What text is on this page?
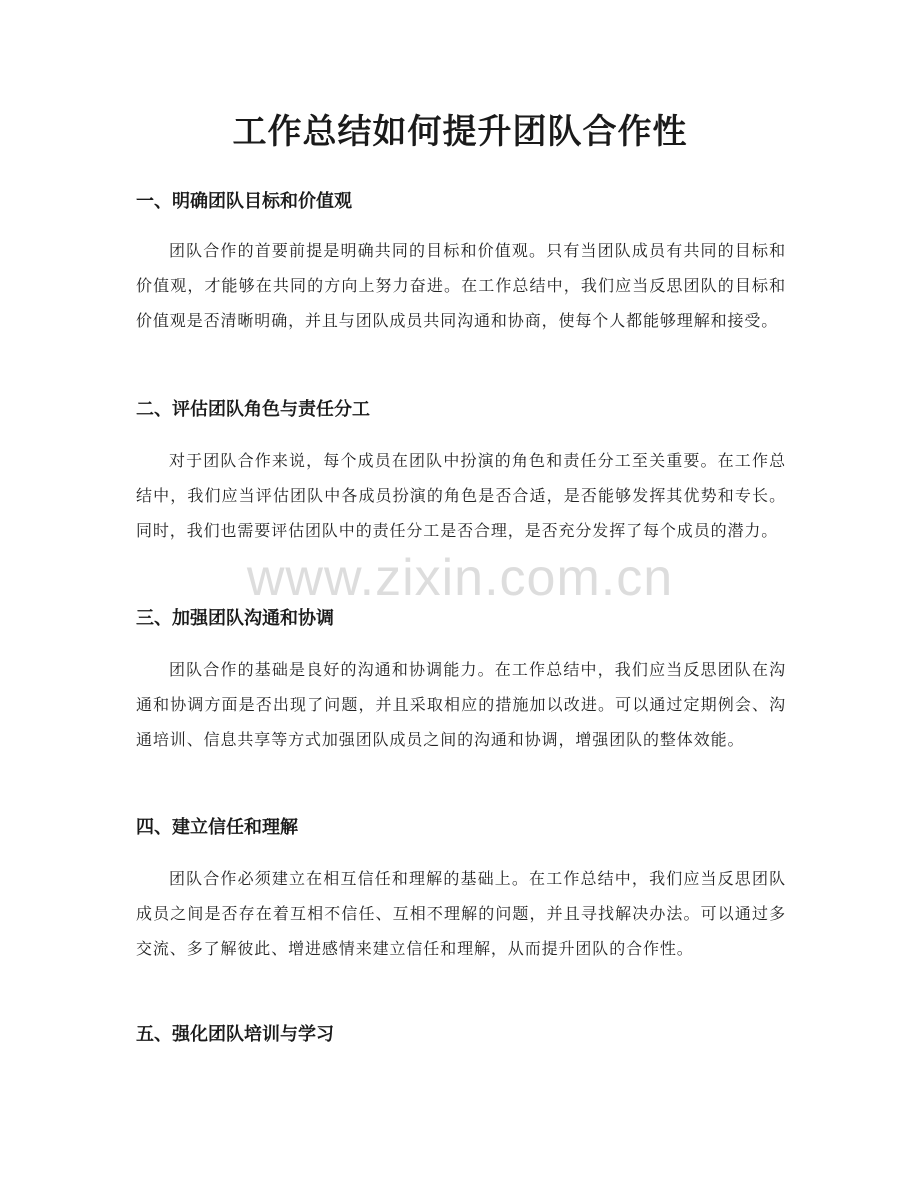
工作总结如何提升团队合作性
一、明确团队目标和价值观

团队合作的首要前提是明确共同的目标和价值观。只有当团队成员有共同的目标和价值观，才能够在共同的方向上努力奋进。在工作总结中，我们应当反思团队的目标和价值观是否清晰明确，并且与团队成员共同沟通和协商，使每个人都能够理解和接受。

二、评估团队角色与责任分工

对于团队合作来说，每个成员在团队中扮演的角色和责任分工至关重要。在工作总结中，我们应当评估团队中各成员扮演的角色是否合适，是否能够发挥其优势和专长。同时，我们也需要评估团队中的责任分工是否合理，是否充分发挥了每个成员的潜力。

三、加强团队沟通和协调

团队合作的基础是良好的沟通和协调能力。在工作总结中，我们应当反思团队在沟通和协调方面是否出现了问题，并且采取相应的措施加以改进。可以通过定期例会、沟通培训、信息共享等方式加强团队成员之间的沟通和协调，增强团队的整体效能。

四、建立信任和理解

团队合作必须建立在相互信任和理解的基础上。在工作总结中，我们应当反思团队成员之间是否存在着互相不信任、互相不理解的问题，并且寻找解决办法。可以通过多交流、多了解彼此、增进感情来建立信任和理解，从而提升团队的合作性。

五、强化团队培训与学习
www.zixin.com.cn
